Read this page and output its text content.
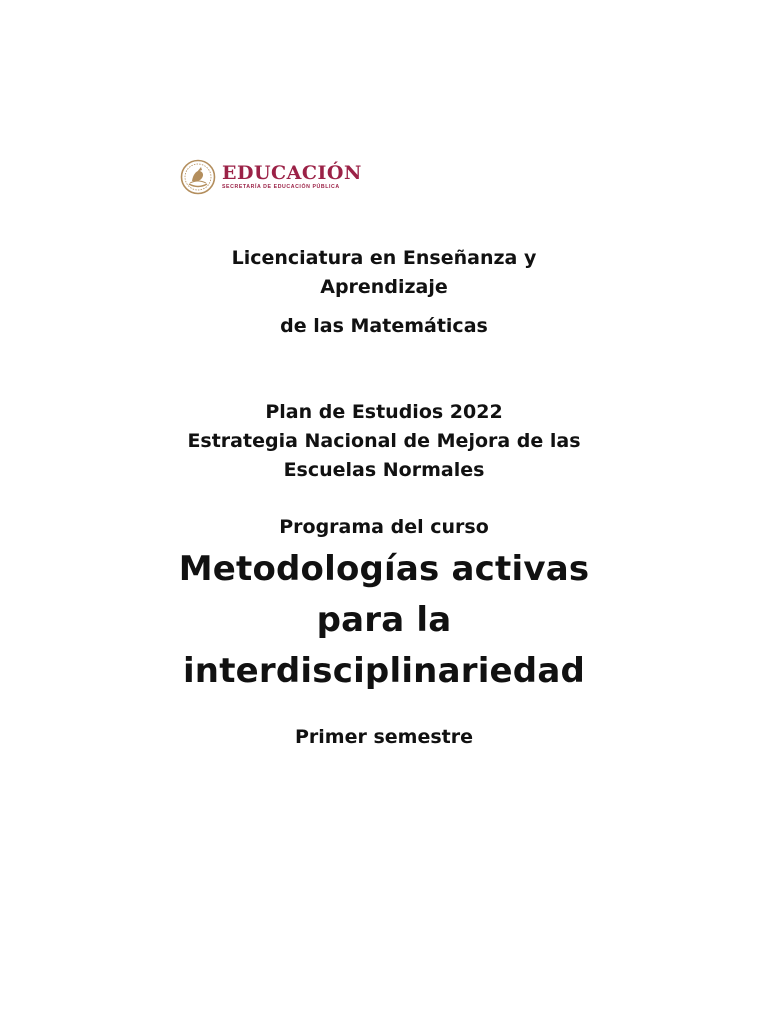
EDUCACIÓN
SECRETARÍA DE EDUCACIÓN PÚBLICA
Licenciatura en Enseñanza y
Aprendizaje
de las Matemáticas
Plan de Estudios 2022
Estrategia Nacional de Mejora de las
Escuelas Normales
Programa del curso
Metodologías activas
para la
interdisciplinariedad
Primer semestre
